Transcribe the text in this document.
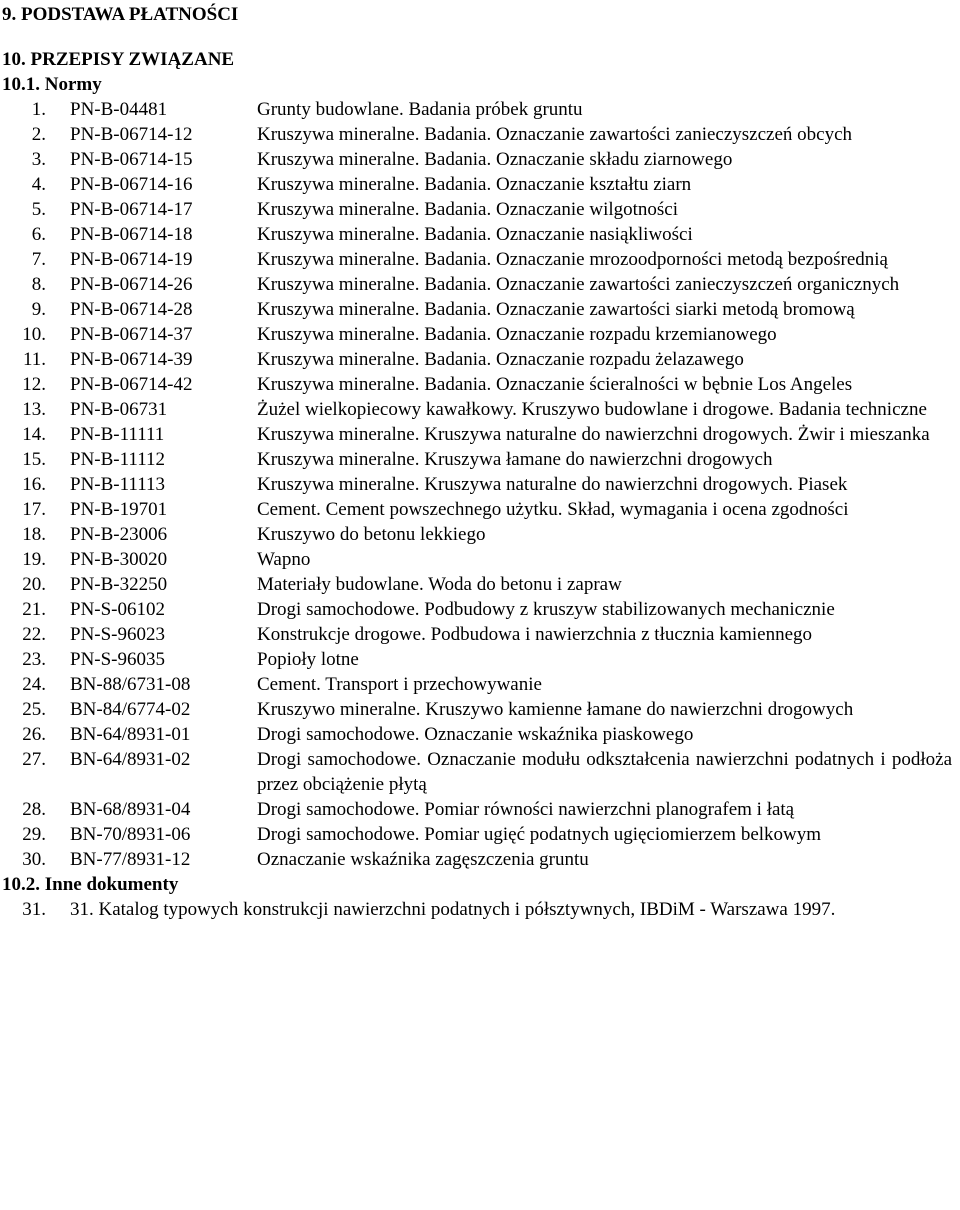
9. PODSTAWA PŁATNOŚCI
10. PRZEPISY ZWIĄZANE
10.1. Normy
1.	PN-B-04481	Grunty budowlane. Badania próbek gruntu
2.	PN-B-06714-12	Kruszywa mineralne. Badania. Oznaczanie zawartości zanieczyszczeń obcych
3.	PN-B-06714-15	Kruszywa mineralne. Badania. Oznaczanie składu ziarnowego
4.	PN-B-06714-16	Kruszywa mineralne. Badania. Oznaczanie kształtu ziarn
5.	PN-B-06714-17	Kruszywa mineralne. Badania. Oznaczanie wilgotności
6.	PN-B-06714-18	Kruszywa mineralne. Badania. Oznaczanie nasiąkliwości
7.	PN-B-06714-19	Kruszywa mineralne. Badania. Oznaczanie mrozoodporności metodą bezpośrednią
8.	PN-B-06714-26	Kruszywa mineralne. Badania. Oznaczanie zawartości zanieczyszczeń organicznych
9.	PN-B-06714-28	Kruszywa mineralne. Badania. Oznaczanie zawartości siarki metodą bromową
10.	PN-B-06714-37	Kruszywa mineralne. Badania. Oznaczanie rozpadu krzemianowego
11.	PN-B-06714-39	Kruszywa mineralne. Badania. Oznaczanie rozpadu żelazawego
12.	PN-B-06714-42	Kruszywa mineralne. Badania. Oznaczanie ścieralności w bębnie Los Angeles
13.	PN-B-06731	Żużel wielkopiecowy kawałkowy. Kruszywo budowlane i drogowe. Badania techniczne
14.	PN-B-11111	Kruszywa mineralne. Kruszywa naturalne do nawierzchni drogowych. Żwir i mieszanka
15.	PN-B-11112	Kruszywa mineralne. Kruszywa łamane do nawierzchni drogowych
16.	PN-B-11113	Kruszywa mineralne. Kruszywa naturalne do nawierzchni drogowych. Piasek
17.	PN-B-19701	Cement. Cement powszechnego użytku. Skład, wymagania i ocena zgodności
18.	PN-B-23006	Kruszywo do betonu lekkiego
19.	PN-B-30020	Wapno
20.	PN-B-32250	Materiały budowlane. Woda do betonu i zapraw
21.	PN-S-06102	Drogi samochodowe. Podbudowy z kruszyw stabilizowanych mechanicznie
22.	PN-S-96023	Konstrukcje drogowe. Podbudowa i nawierzchnia z tłucznia kamiennego
23.	PN-S-96035	Popioły lotne
24.	BN-88/6731-08	Cement. Transport i przechowywanie
25.	BN-84/6774-02	Kruszywo mineralne. Kruszywo kamienne łamane do nawierzchni drogowych
26.	BN-64/8931-01	Drogi samochodowe. Oznaczanie wskaźnika piaskowego
27.	BN-64/8931-02	Drogi samochodowe. Oznaczanie modułu odkształcenia nawierzchni podatnych i podłoża przez obciążenie płytą
28.	BN-68/8931-04	Drogi samochodowe. Pomiar równości nawierzchni planografem i łatą
29.	BN-70/8931-06	Drogi samochodowe. Pomiar ugięć podatnych ugięciomierzem belkowym
30.	BN-77/8931-12	Oznaczanie wskaźnika zagęszczenia gruntu
10.2. Inne dokumenty
31.	31. Katalog typowych konstrukcji nawierzchni podatnych i półsztywnych, IBDiM - Warszawa 1997.
